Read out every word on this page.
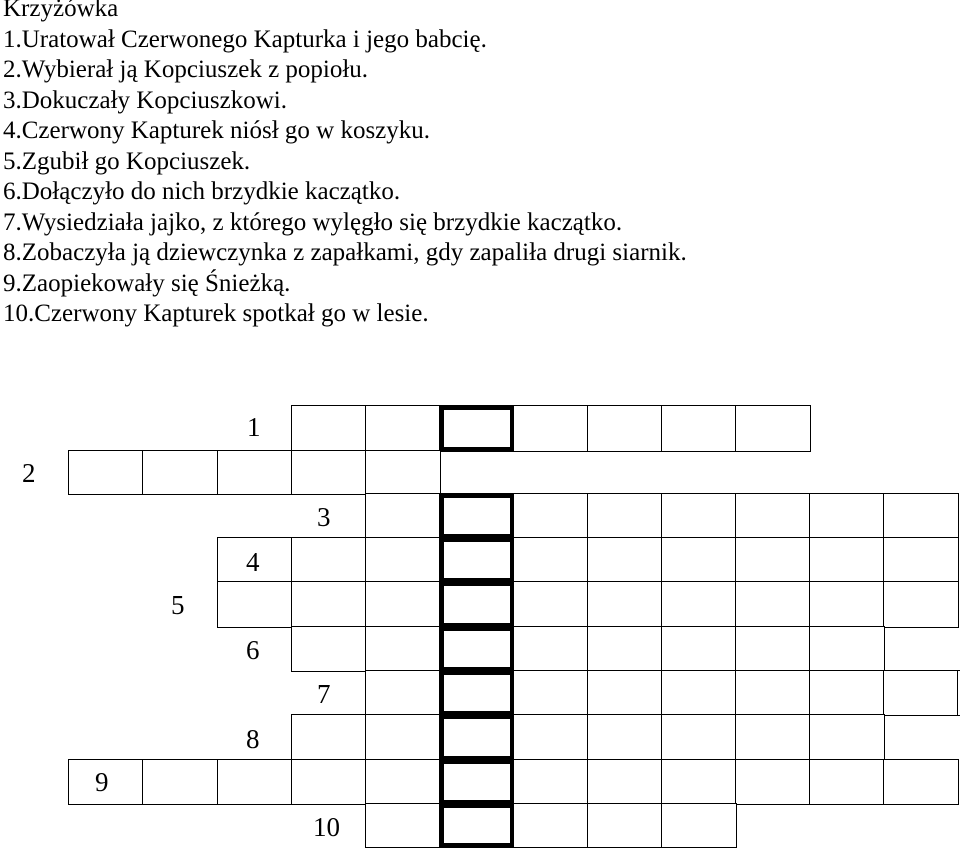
Krzyżówka
1.Uratował Czerwonego Kapturka i jego babcię.
2.Wybierał ją Kopciuszek z popiołu.
3.Dokuczały Kopciuszkowi.
4.Czerwony Kapturek niósł go w koszyku.
5.Zgubił go Kopciuszek.
6.Dołączyło do nich brzydkie kaczątko.
7.Wysiedziała jajko, z którego wylęgło się brzydkie kaczątko.
8.Zobaczyła ją dziewczynka z zapałkami, gdy zapaliła drugi siarnik.
9.Zaopiekowały się Śnieżką.
10.Czerwony Kapturek spotkał go w lesie.
1
2
3
4
5
6
7
8
9
10
